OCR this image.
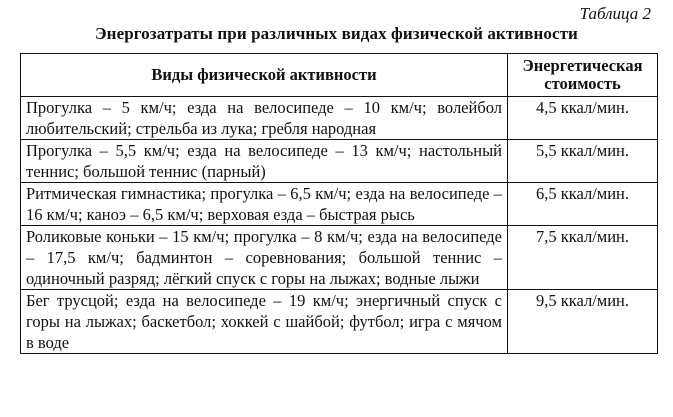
Таблица 2
Энергозатраты при различных видах физической активности
Виды физической активности	Энергетическая стоимость
Прогулка – 5 км/ч; езда на велосипеде – 10 км/ч; волейбол любительский; стрельба из лука; гребля народная	4,5 ккал/мин.
Прогулка – 5,5 км/ч; езда на велосипеде – 13 км/ч; настольный теннис; большой теннис (парный)	5,5 ккал/мин.
Ритмическая гимнастика; прогулка – 6,5 км/ч; езда на велосипеде – 16 км/ч; каноэ – 6,5 км/ч; верховая езда – быстрая рысь	6,5 ккал/мин.
Роликовые коньки – 15 км/ч; прогулка – 8 км/ч; езда на велосипеде – 17,5 км/ч; бадминтон – соревнования; большой теннис – одиночный разряд; лёгкий спуск с горы на лыжах; водные лыжи	7,5 ккал/мин.
Бег трусцой; езда на велосипеде – 19 км/ч; энергичный спуск с горы на лыжах; баскетбол; хоккей с шайбой; футбол; игра с мячом в воде	9,5 ккал/мин.
